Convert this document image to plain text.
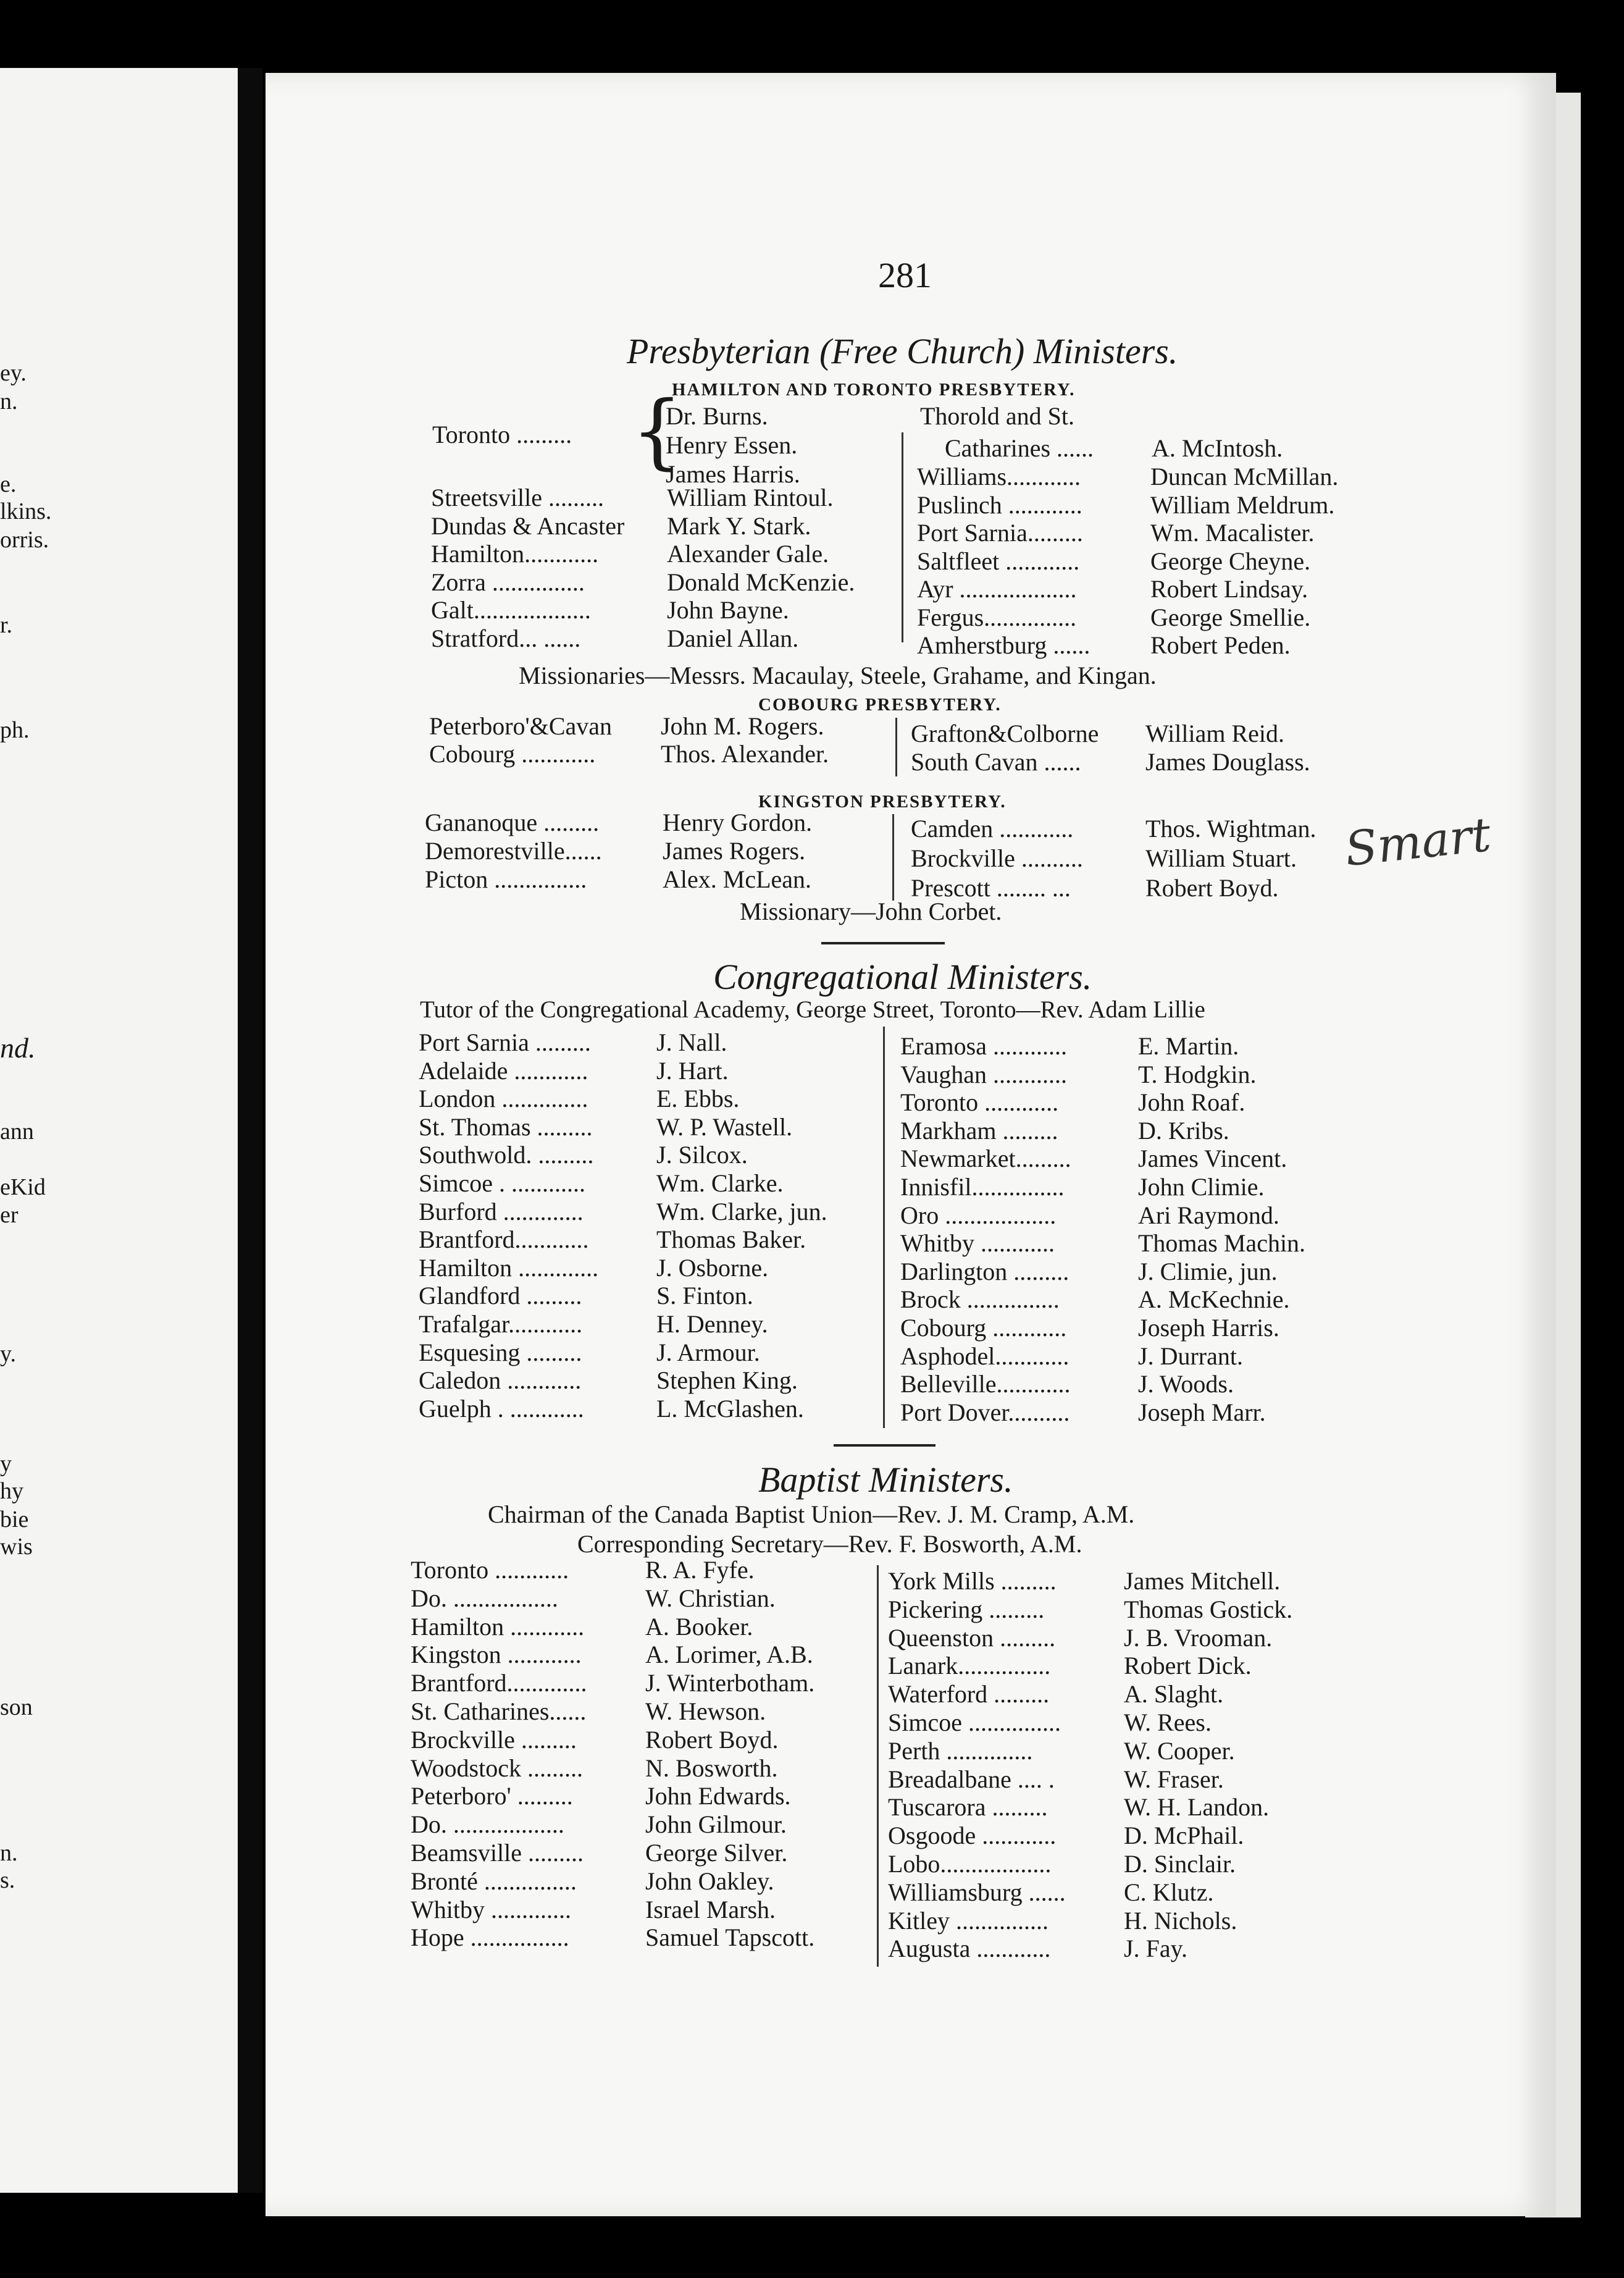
ey.
n.
e.
lkins.
orris.
r.
ph.
nd.
ann
eKid
er
y.
y
hy
bie
wis
son
n.
s.
281
Presbyterian (Free Church) Ministers.
HAMILTON AND TORONTO PRESBYTERY.
Toronto ......... {
Dr. Burns.
Henry Essen.
James Harris.
Streetsville .........	William Rintoul.
Dundas & Ancaster Mark Y. Stark.
Hamilton............	Alexander Gale.
Zorra ...............	Donald McKenzie.
Galt...................	John Bayne.
Stratford... ......	Daniel Allan.
Thorold and St.
Catharines ...... A. McIntosh.
Williams............	Duncan McMillan.
Puslinch ............	William Meldrum.
Port Sarnia.........	Wm. Macalister.
Saltfleet ............	George Cheyne.
Ayr ...................	Robert Lindsay.
Fergus...............	George Smellie.
Amherstburg ...... Robert Peden.
Missionaries—Messrs. Macaulay, Steele, Grahame, and Kingan.
COBOURG PRESBYTERY.
Peterboro'&Cavan John M. Rogers.
Cobourg ............	Thos. Alexander.
Grafton&Colborne William Reid.
South Cavan ......	James Douglass.
KINGSTON PRESBYTERY.
Gananoque .........	Henry Gordon.
Demorestville...... James Rogers.
Picton ...............	Alex. McLean.
Camden ............	Thos. Wightman.
Brockville ..........	William Stuart.
Prescott ........ ...	Robert Boyd.
Smart
Missionary—John Corbet.
Congregational Ministers.
Tutor of the Congregational Academy, George Street, Toronto—Rev. Adam Lillie
Port Sarnia .........	J. Nall.
Adelaide ............	J. Hart.
London ..............	E. Ebbs.
St. Thomas .........	W. P. Wastell.
Southwold. .........	J. Silcox.
Simcoe . ............	Wm. Clarke.
Burford .............	Wm. Clarke, jun.
Brantford............	Thomas Baker.
Hamilton ............. J. Osborne.
Glandford .........	S. Finton.
Trafalgar............	H. Denney.
Esquesing .........	J. Armour.
Caledon ............	Stephen King.
Guelph . ............	L. McGlashen.
Eramosa ............	E. Martin.
Vaughan ............	T. Hodgkin.
Toronto ............	John Roaf.
Markham .........	D. Kribs.
Newmarket.........	James Vincent.
Innisfil...............	John Climie.
Oro ..................	Ari Raymond.
Whitby ............	Thomas Machin.
Darlington .........	J. Climie, jun.
Brock ...............	A. McKechnie.
Cobourg ............	Joseph Harris.
Asphodel............	J. Durrant.
Belleville............	J. Woods.
Port Dover..........	Joseph Marr.
Baptist Ministers.
Chairman of the Canada Baptist Union—Rev. J. M. Cramp, A.M.
Corresponding Secretary—Rev. F. Bosworth, A.M.
Toronto ............	R. A. Fyfe.
Do. .................	W. Christian.
Hamilton ............ A. Booker.
Kingston ............	A. Lorimer, A.B.
Brantford............. J. Winterbotham.
St. Catharines...... W. Hewson.
Brockville .........	Robert Boyd.
Woodstock .........	N. Bosworth.
Peterboro' .........	John Edwards.
Do. ..................	John Gilmour.
Beamsville .........	George Silver.
Bronté ...............	John Oakley.
Whitby .............	Israel Marsh.
Hope ................	Samuel Tapscott.
York Mills .........	James Mitchell.
Pickering .........	Thomas Gostick.
Queenston .........	J. B. Vrooman.
Lanark...............	Robert Dick.
Waterford .........	A. Slaght.
Simcoe ...............	W. Rees.
Perth ..............	W. Cooper.
Breadalbane .... .	W. Fraser.
Tuscarora .........	W. H. Landon.
Osgoode ............	D. McPhail.
Lobo..................	D. Sinclair.
Williamsburg ...... C. Klutz.
Kitley ...............	H. Nichols.
Augusta ............	J. Fay.
